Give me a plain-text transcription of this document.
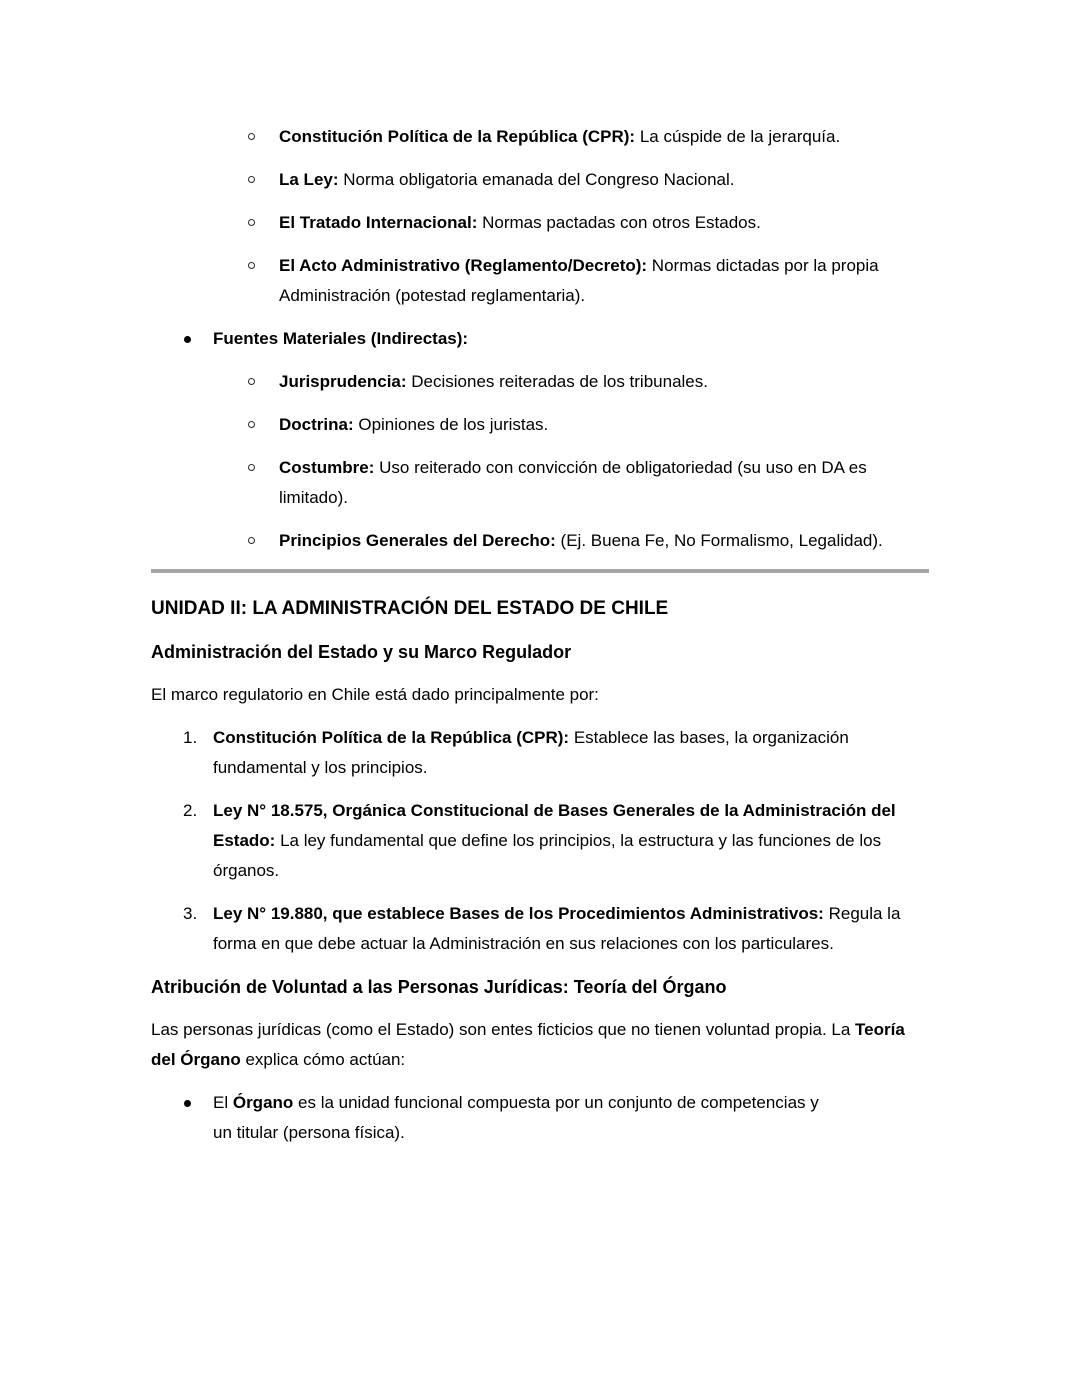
Constitución Política de la República (CPR): La cúspide de la jerarquía.
La Ley: Norma obligatoria emanada del Congreso Nacional.
El Tratado Internacional: Normas pactadas con otros Estados.
El Acto Administrativo (Reglamento/Decreto): Normas dictadas por la propia Administración (potestad reglamentaria).
Fuentes Materiales (Indirectas):
Jurisprudencia: Decisiones reiteradas de los tribunales.
Doctrina: Opiniones de los juristas.
Costumbre: Uso reiterado con convicción de obligatoriedad (su uso en DA es limitado).
Principios Generales del Derecho: (Ej. Buena Fe, No Formalismo, Legalidad).
UNIDAD II: LA ADMINISTRACIÓN DEL ESTADO DE CHILE
Administración del Estado y su Marco Regulador

El marco regulatorio en Chile está dado principalmente por:

1. Constitución Política de la República (CPR): Establece las bases, la organización fundamental y los principios.
2. Ley N° 18.575, Orgánica Constitucional de Bases Generales de la Administración del Estado: La ley fundamental que define los principios, la estructura y las funciones de los órganos.
3. Ley N° 19.880, que establece Bases de los Procedimientos Administrativos: Regula la forma en que debe actuar la Administración en sus relaciones con los particulares.
Atribución de Voluntad a las Personas Jurídicas: Teoría del Órgano

Las personas jurídicas (como el Estado) son entes ficticios que no tienen voluntad propia. La Teoría del Órgano explica cómo actúan:

El Órgano es la unidad funcional compuesta por un conjunto de competencias y un titular (persona física).
